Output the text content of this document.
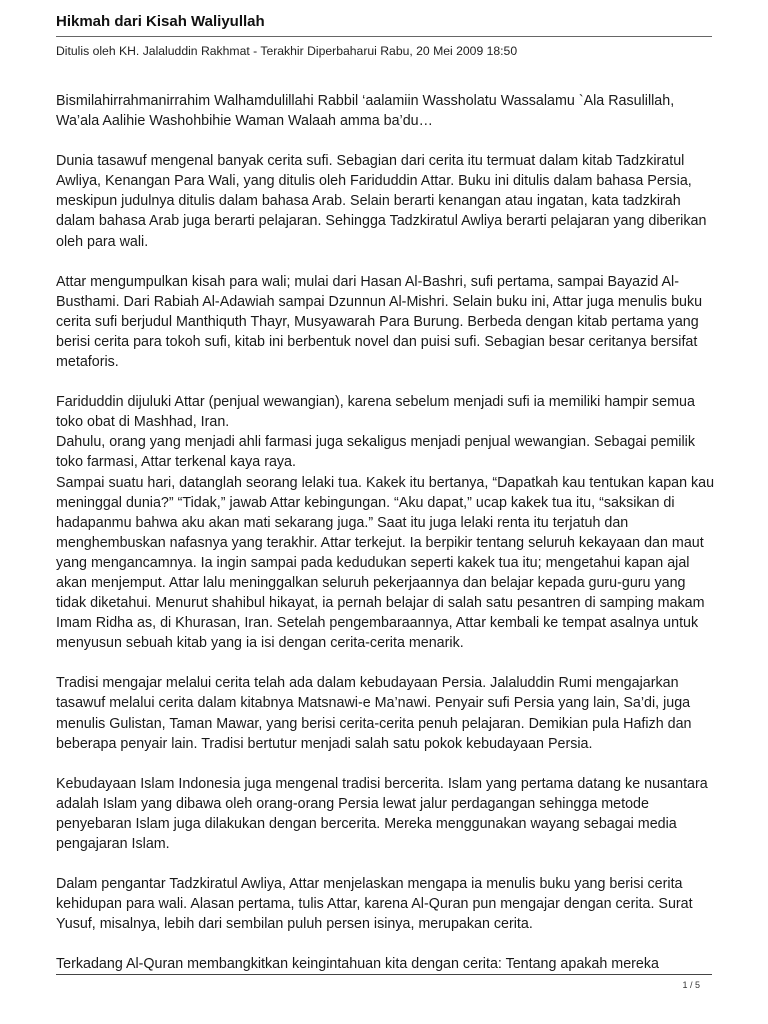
Hikmah dari Kisah Waliyullah
Ditulis oleh KH. Jalaluddin Rakhmat - Terakhir Diperbaharui Rabu, 20 Mei 2009 18:50

Bismilahirrahmanirrahim Walhamdulillahi Rabbil ‘aalamiin Wassholatu Wassalamu `Ala Rasulillah, Wa’ala Aalihie Washohbihie Waman Walaah amma ba’du…

Dunia tasawuf mengenal banyak cerita sufi. Sebagian dari cerita itu termuat dalam kitab Tadzkiratul Awliya, Kenangan Para Wali, yang ditulis oleh Fariduddin Attar. Buku ini ditulis dalam bahasa Persia, meskipun judulnya ditulis dalam bahasa Arab. Selain berarti kenangan atau ingatan, kata tadzkirah dalam bahasa Arab juga berarti pelajaran. Sehingga Tadzkiratul Awliya berarti pelajaran yang diberikan oleh para wali.

Attar mengumpulkan kisah para wali; mulai dari Hasan Al-Bashri, sufi pertama, sampai Bayazid Al-Busthami. Dari Rabiah Al-Adawiah sampai Dzunnun Al-Mishri. Selain buku ini, Attar juga menulis buku cerita sufi berjudul Manthiquth Thayr, Musyawarah Para Burung. Berbeda dengan kitab pertama yang berisi cerita para tokoh sufi, kitab ini berbentuk novel dan puisi sufi. Sebagian besar ceritanya bersifat metaforis.

Fariduddin dijuluki Attar (penjual wewangian), karena sebelum menjadi sufi ia memiliki hampir semua toko obat di Mashhad, Iran.

Dahulu, orang yang menjadi ahli farmasi juga sekaligus menjadi penjual wewangian. Sebagai pemilik toko farmasi, Attar terkenal kaya raya.

Sampai suatu hari, datanglah seorang lelaki tua. Kakek itu bertanya, “Dapatkah kau tentukan kapan kau meninggal dunia?” “Tidak,” jawab Attar kebingungan. “Aku dapat,” ucap kakek tua itu, “saksikan di hadapanmu bahwa aku akan mati sekarang juga.” Saat itu juga lelaki renta itu terjatuh dan menghembuskan nafasnya yang terakhir. Attar terkejut. Ia berpikir tentang seluruh kekayaan dan maut yang mengancamnya. Ia ingin sampai pada kedudukan seperti kakek tua itu; mengetahui kapan ajal akan menjemput. Attar lalu meninggalkan seluruh pekerjaannya dan belajar kepada guru-guru yang tidak diketahui. Menurut shahibul hikayat, ia pernah belajar di salah satu pesantren di samping makam Imam Ridha as, di Khurasan, Iran. Setelah pengembaraannya, Attar kembali ke tempat asalnya untuk menyusun sebuah kitab yang ia isi dengan cerita-cerita menarik.

Tradisi mengajar melalui cerita telah ada dalam kebudayaan Persia. Jalaluddin Rumi mengajarkan tasawuf melalui cerita dalam kitabnya Matsnawi-e Ma’nawi. Penyair sufi Persia yang lain, Sa’di, juga menulis Gulistan, Taman Mawar, yang berisi cerita-cerita penuh pelajaran. Demikian pula Hafizh dan beberapa penyair lain. Tradisi bertutur menjadi salah satu pokok kebudayaan Persia.

Kebudayaan Islam Indonesia juga mengenal tradisi bercerita. Islam yang pertama datang ke nusantara adalah Islam yang dibawa oleh orang-orang Persia lewat jalur perdagangan sehingga metode penyebaran Islam juga dilakukan dengan bercerita. Mereka menggunakan wayang sebagai media pengajaran Islam.

Dalam pengantar Tadzkiratul Awliya, Attar menjelaskan mengapa ia menulis buku yang berisi cerita kehidupan para wali. Alasan pertama, tulis Attar, karena Al-Quran pun mengajar dengan cerita. Surat Yusuf, misalnya, lebih dari sembilan puluh persen isinya, merupakan cerita.

Terkadang Al-Quran membangkitkan keingintahuan kita dengan cerita: Tentang apakah mereka

1 / 5
